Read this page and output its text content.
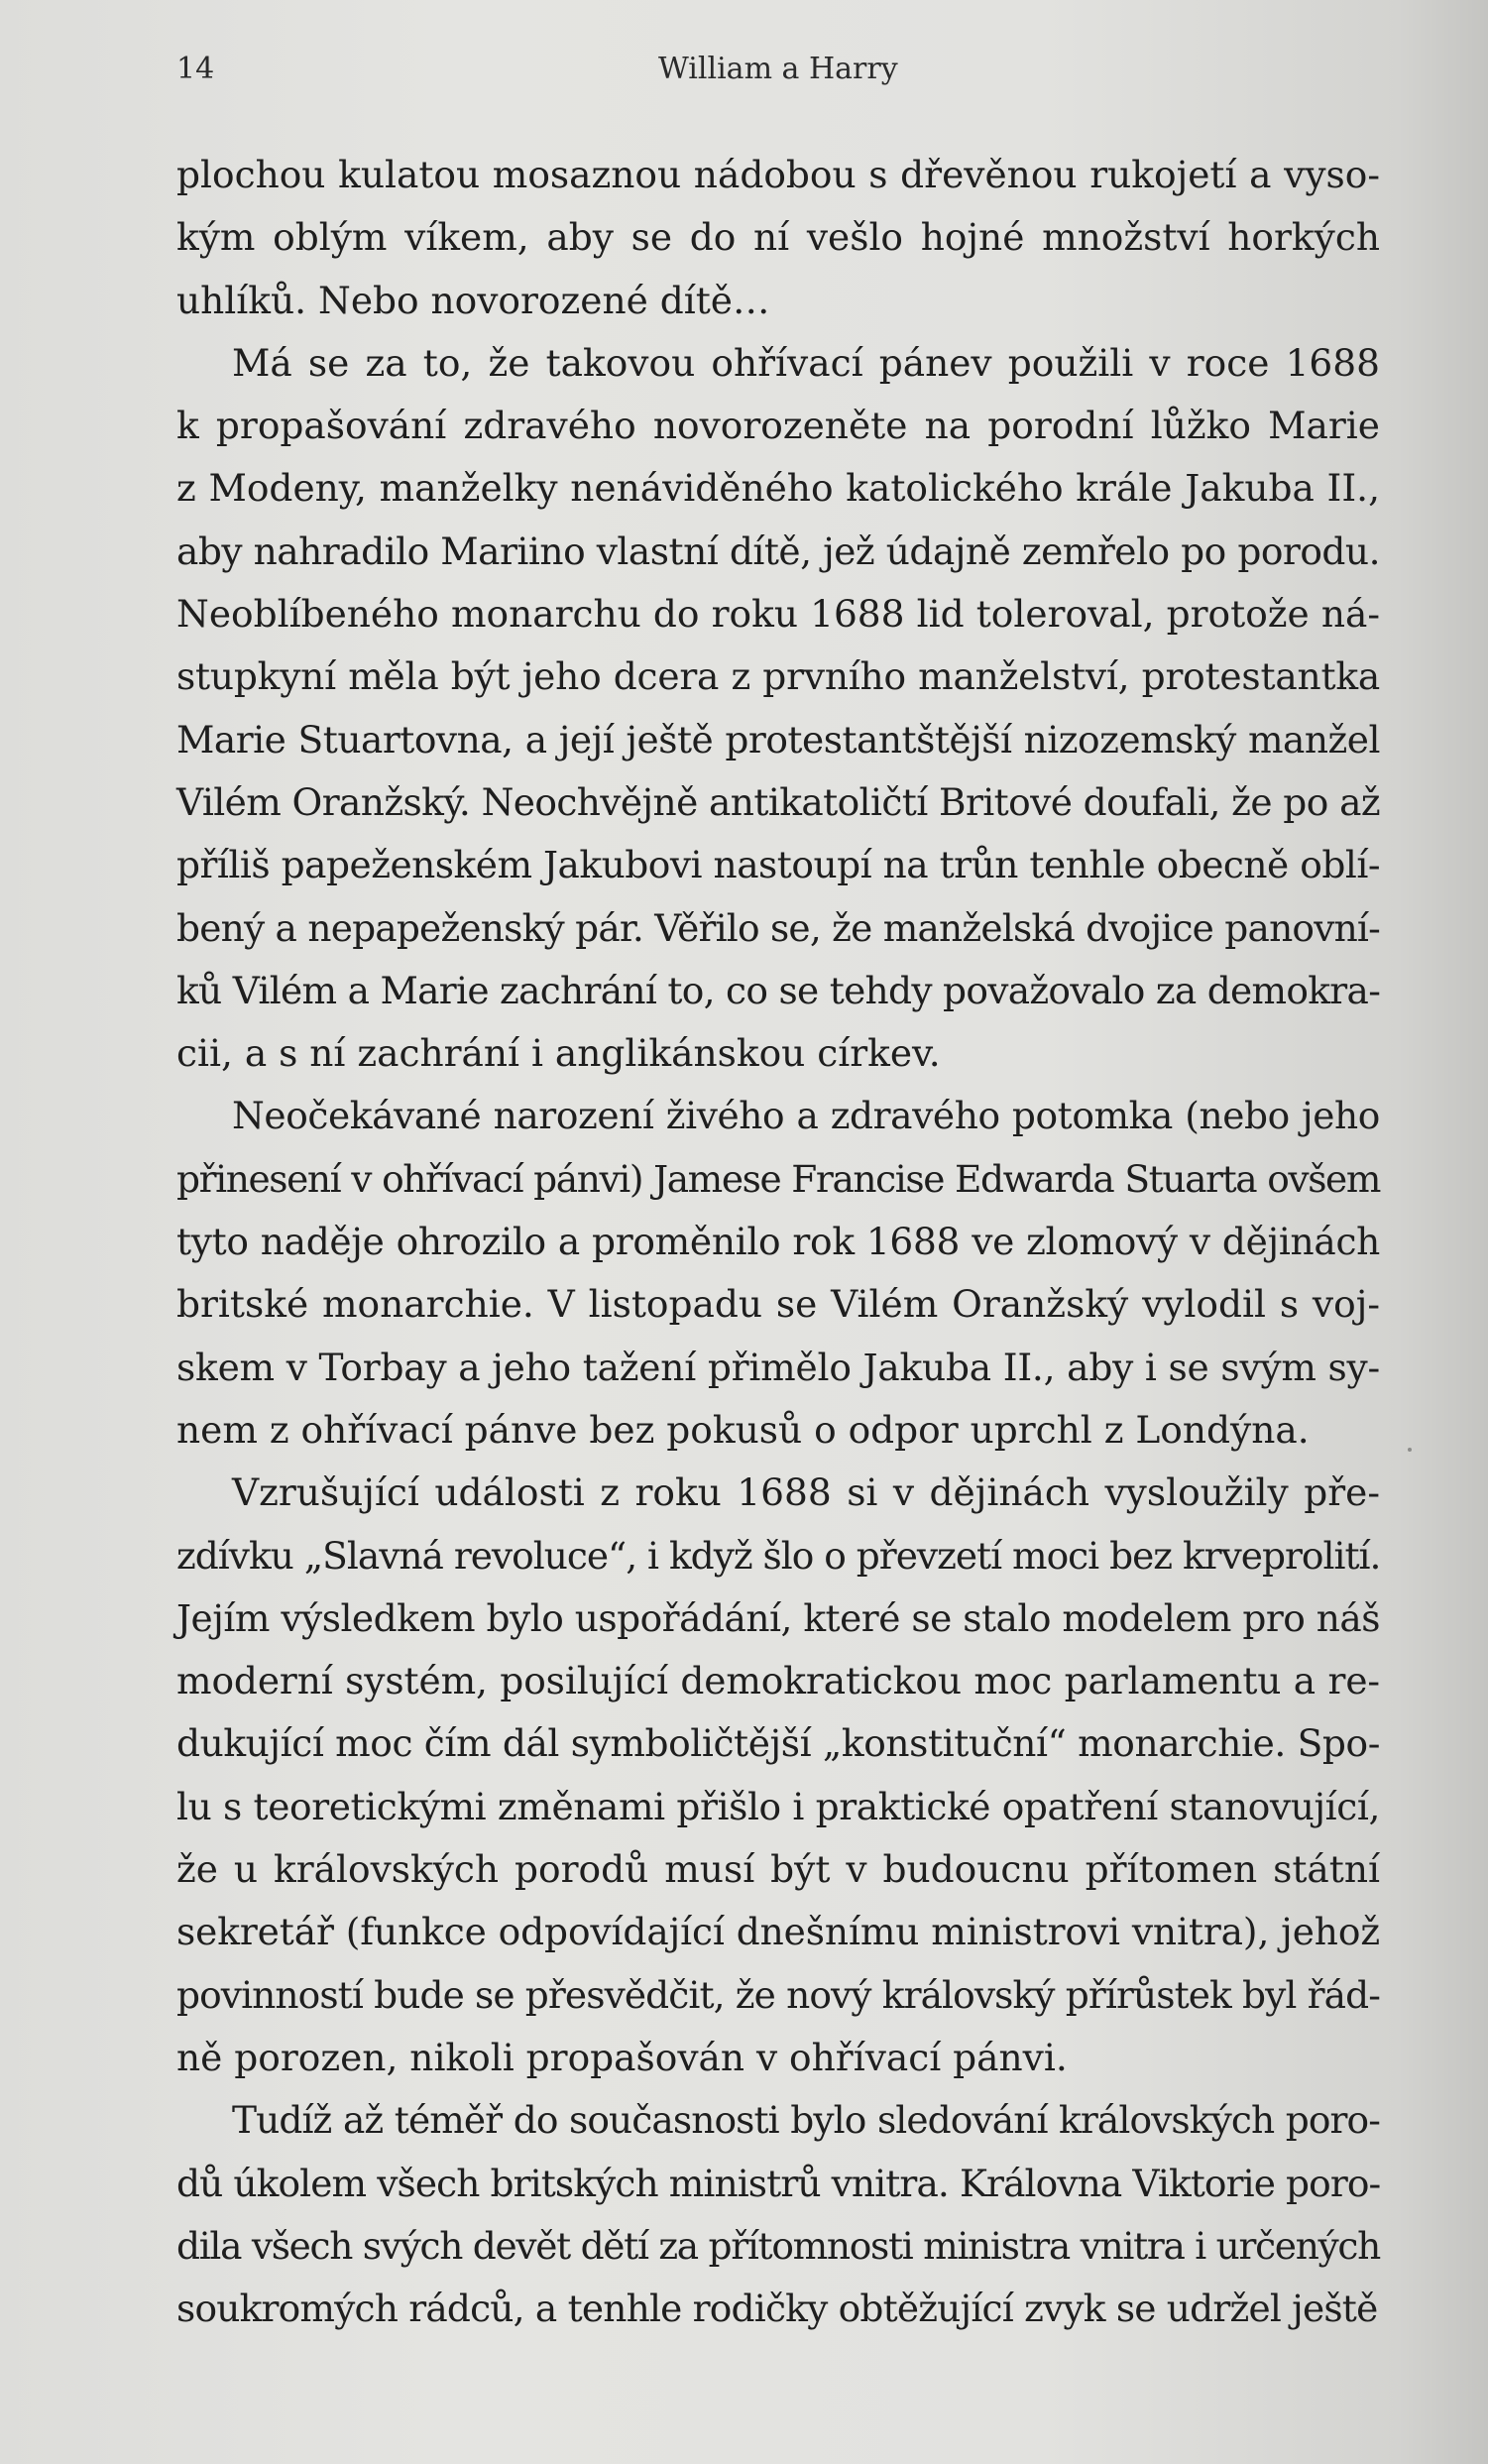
14	William a Harry

plochou kulatou mosaznou nádobou s dřevěnou rukojetí a vyso-
kým oblým víkem, aby se do ní vešlo hojné množství horkých
uhlíků. Nebo novorozené dítě…

Má se za to, že takovou ohřívací pánev použili v roce 1688
k propašování zdravého novorozeněte na porodní lůžko Marie
z Modeny, manželky nenáviděného katolického krále Jakuba II.,
aby nahradilo Mariino vlastní dítě, jež údajně zemřelo po porodu.
Neoblíbeného monarchu do roku 1688 lid toleroval, protože ná-
stupkyní měla být jeho dcera z prvního manželství, protestantka
Marie Stuartovna, a její ještě protestantštější nizozemský manžel
Vilém Oranžský. Neochvějně antikatoličtí Britové doufali, že po až
příliš papeženském Jakubovi nastoupí na trůn tenhle obecně oblí-
bený a nepapeženský pár. Věřilo se, že manželská dvojice panovní-
ků Vilém a Marie zachrání to, co se tehdy považovalo za demokra-
cii, a s ní zachrání i anglikánskou církev.

Neočekávané narození živého a zdravého potomka (nebo jeho
přinesení v ohřívací pánvi) Jamese Francise Edwarda Stuarta ovšem
tyto naděje ohrozilo a proměnilo rok 1688 ve zlomový v dějinách
britské monarchie. V listopadu se Vilém Oranžský vylodil s voj-
skem v Torbay a jeho tažení přimělo Jakuba II., aby i se svým sy-
nem z ohřívací pánve bez pokusů o odpor uprchl z Londýna.

Vzrušující události z roku 1688 si v dějinách vysloužily pře-
zdívku „Slavná revoluce“, i když šlo o převzetí moci bez krveprolití.
Jejím výsledkem bylo uspořádání, které se stalo modelem pro náš
moderní systém, posilující demokratickou moc parlamentu a re-
dukující moc čím dál symboličtější „konstituční“ monarchie. Spo-
lu s teoretickými změnami přišlo i praktické opatření stanovující,
že u královských porodů musí být v budoucnu přítomen státní
sekretář (funkce odpovídající dnešnímu ministrovi vnitra), jehož
povinností bude se přesvědčit, že nový královský přírůstek byl řád-
ně porozen, nikoli propašován v ohřívací pánvi.

Tudíž až téměř do současnosti bylo sledování královských poro-
dů úkolem všech britských ministrů vnitra. Královna Viktorie poro-
dila všech svých devět dětí za přítomnosti ministra vnitra i určených
soukromých rádců, a tenhle rodičky obtěžující zvyk se udržel ještě
